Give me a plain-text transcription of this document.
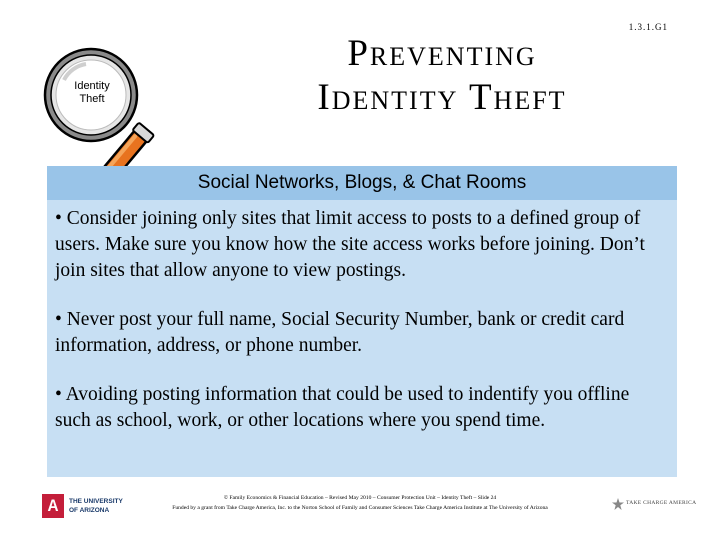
1.3.1.G1
Identity
Theft
Preventing
Identity Theft
Social Networks, Blogs, & Chat Rooms
• Consider joining only sites that limit access to posts to a defined group of users. Make sure you know how the site access works before joining. Don’t join sites that allow anyone to view postings.
• Never post your full name, Social Security Number, bank or credit card information, address, or phone number.
• Avoiding posting information that could be used to indentify you offline such as school, work, or other locations where you spend time.
A	THE UNIVERSITY
OF ARIZONA
© Family Economics & Financial Education – Revised May 2010 – Consumer Protection Unit – Identity Theft – Slide 24
Funded by a grant from Take Charge America, Inc. to the Norton School of Family and Consumer Sciences Take Charge America Institute at The University of Arizona
TAKE CHARGE AMERICA
